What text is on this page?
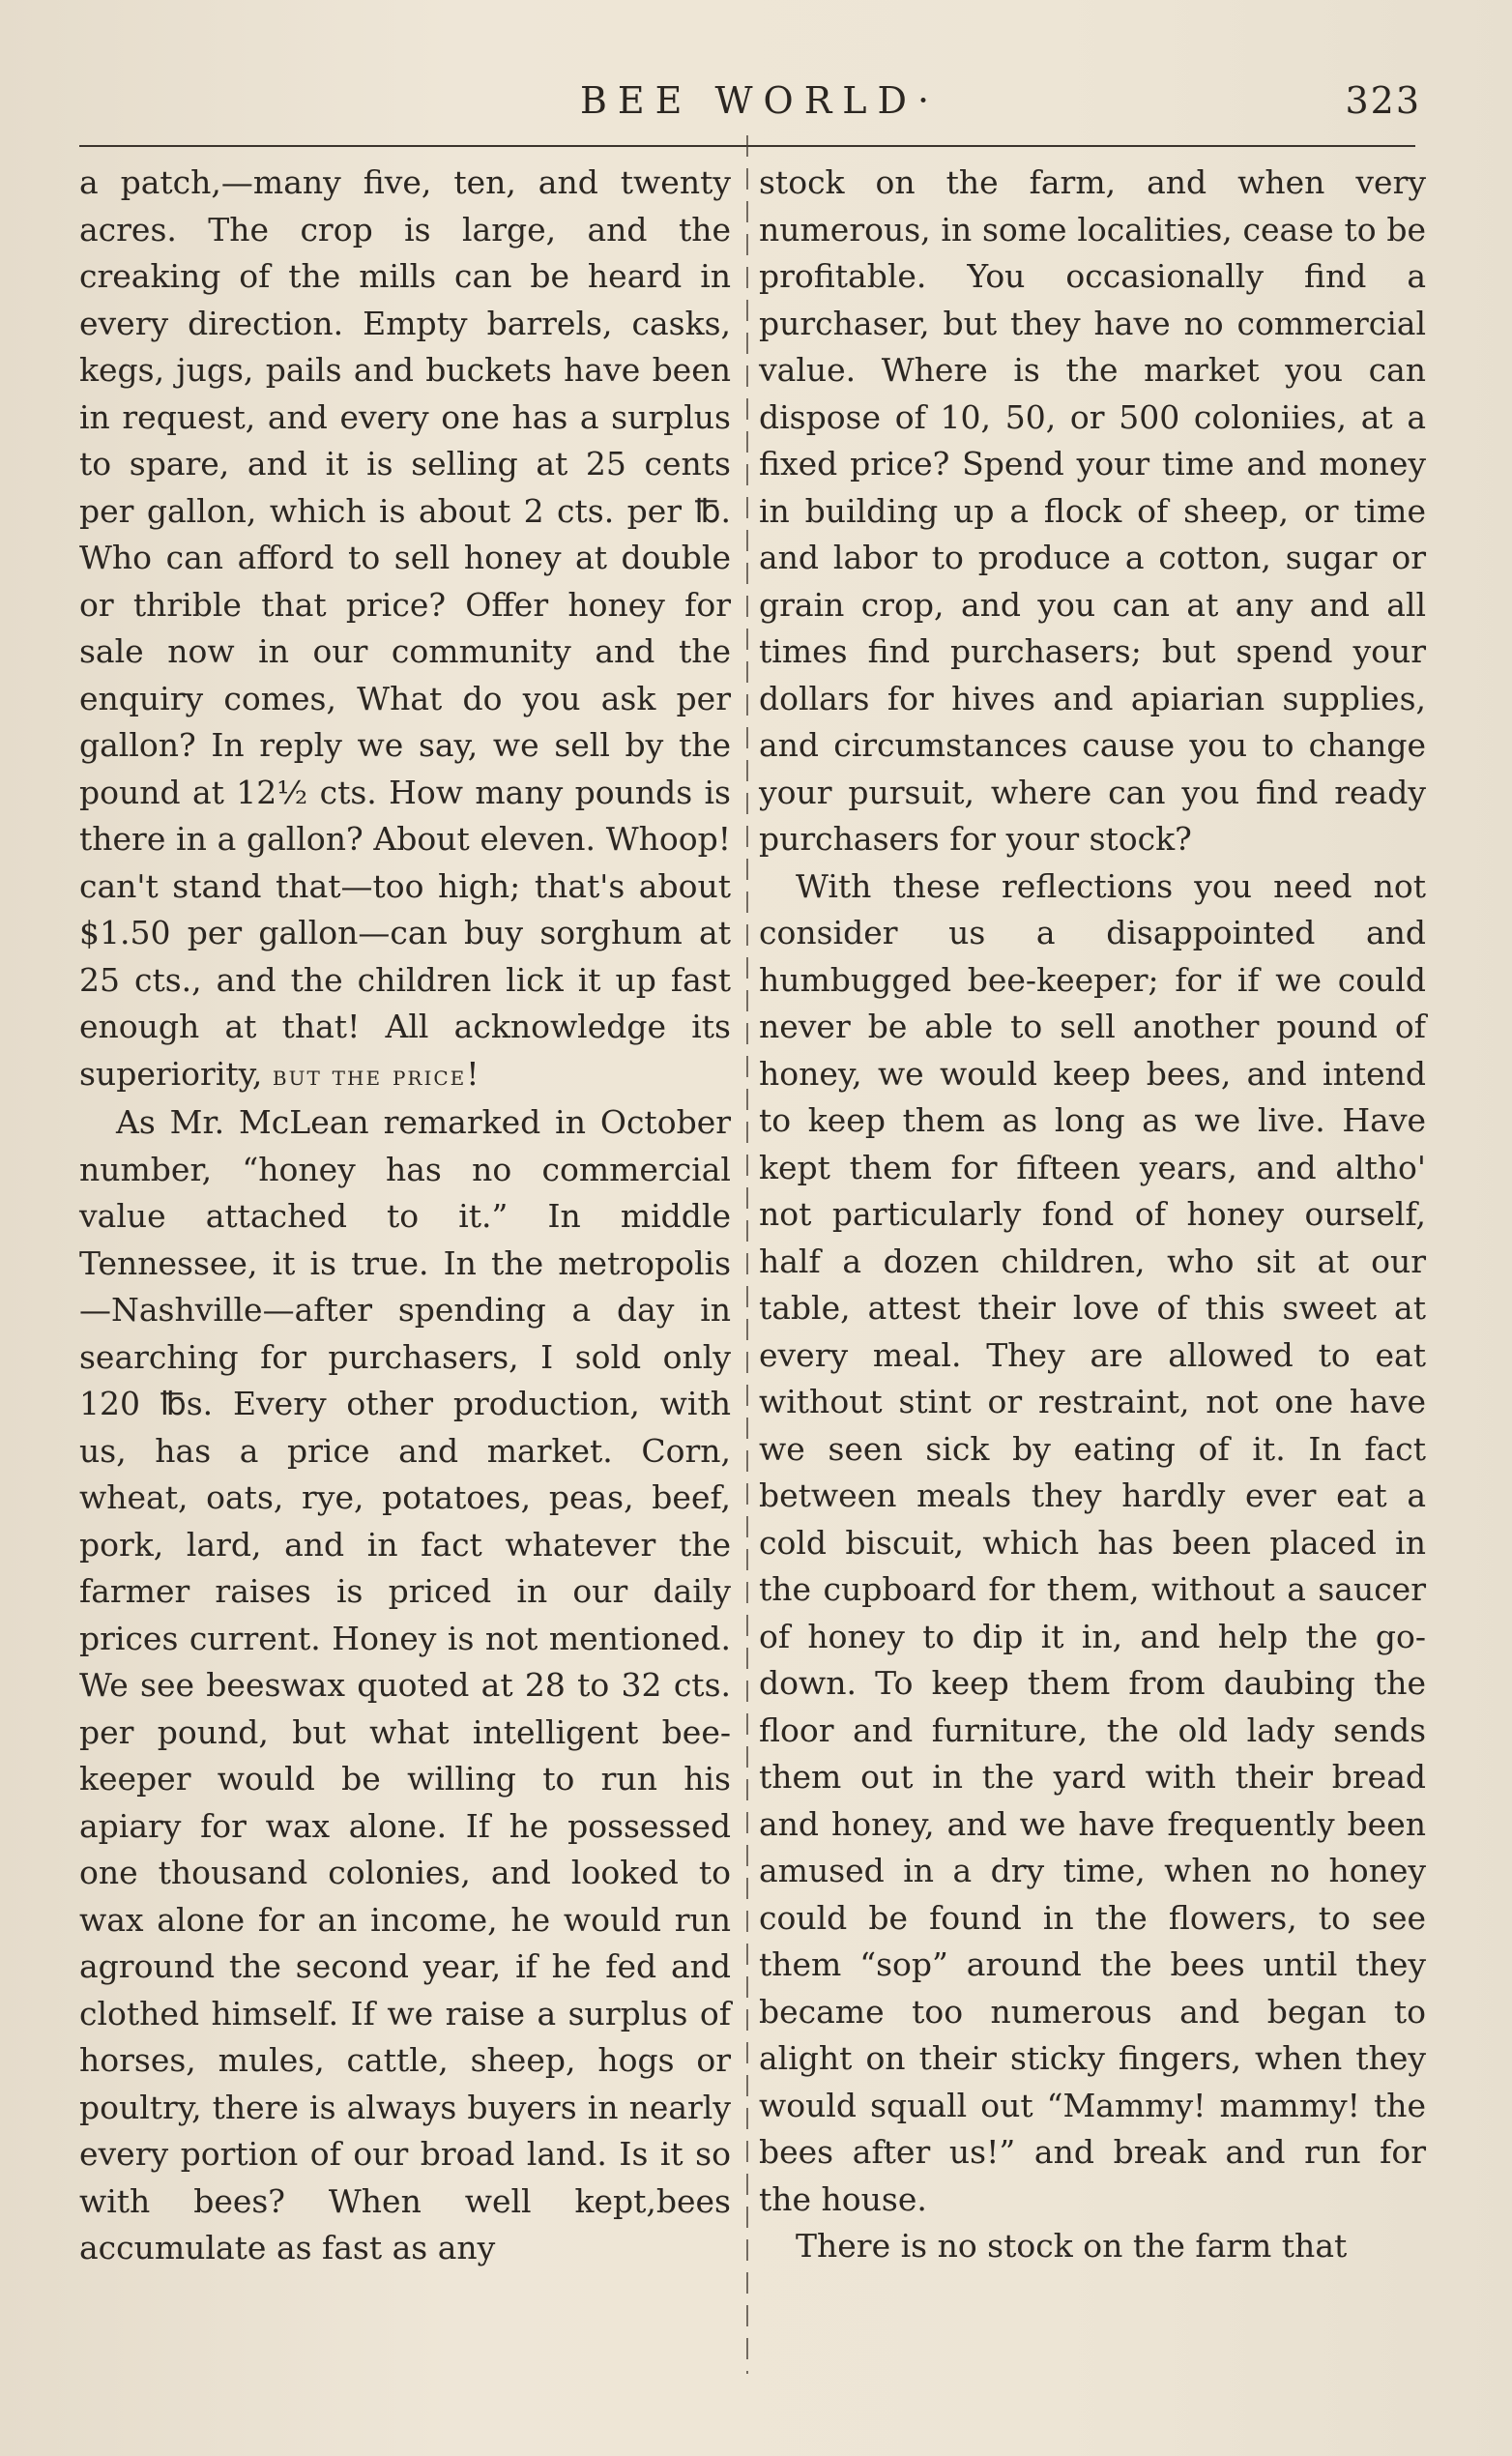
BEE WORLD·	323

a patch,—many five, ten, and twenty acres. The crop is large, and the creaking of the mills can be heard in every direction. Empty barrels, casks, kegs, jugs, pails and buckets have been in request, and every one has a surplus to spare, and it is selling at 25 cents per gallon, which is about 2 cts. per ℔. Who can afford to sell honey at double or thrible that price? Offer honey for sale now in our community and the enquiry comes, What do you ask per gallon? In reply we say, we sell by the pound at 12½ cts. How many pounds is there in a gallon? About eleven. Whoop! can't stand that—too high; that's about $1.50 per gallon—can buy sorghum at 25 cts., and the children lick it up fast enough at that! All acknowledge its superiority, but the price!

As Mr. McLean remarked in October number, “honey has no commercial value attached to it.” In middle Tennessee, it is true. In the metropolis—Nashville—after spending a day in searching for purchasers, I sold only 120 ℔s. Every other production, with us, has a price and market. Corn, wheat, oats, rye, potatoes, peas, beef, pork, lard, and in fact whatever the farmer raises is priced in our daily prices current. Honey is not mentioned. We see beeswax quoted at 28 to 32 cts. per pound, but what intelligent bee-keeper would be willing to run his apiary for wax alone. If he possessed one thousand colonies, and looked to wax alone for an income, he would run aground the second year, if he fed and clothed himself. If we raise a surplus of horses, mules, cattle, sheep, hogs or poultry, there is always buyers in nearly every portion of our broad land. Is it so with bees? When well kept,bees accumulate as fast as any

stock on the farm, and when very numerous, in some localities, cease to be profitable. You occasionally find a purchaser, but they have no commercial value. Where is the market you can dispose of 10, 50, or 500 coloniies, at a fixed price? Spend your time and money in building up a flock of sheep, or time and labor to produce a cotton, sugar or grain crop, and you can at any and all times find purchasers; but spend your dollars for hives and apiarian supplies, and circumstances cause you to change your pursuit, where can you find ready purchasers for your stock?

With these reflections you need not consider us a disappointed and humbugged bee-keeper; for if we could never be able to sell another pound of honey, we would keep bees, and intend to keep them as long as we live. Have kept them for fifteen years, and altho' not particularly fond of honey ourself, half a dozen children, who sit at our table, attest their love of this sweet at every meal. They are allowed to eat without stint or restraint, not one have we seen sick by eating of it. In fact between meals they hardly ever eat a cold biscuit, which has been placed in the cupboard for them, without a saucer of honey to dip it in, and help the go-down. To keep them from daubing the floor and furniture, the old lady sends them out in the yard with their bread and honey, and we have frequently been amused in a dry time, when no honey could be found in the flowers, to see them “sop” around the bees until they became too numerous and began to alight on their sticky fingers, when they would squall out “Mammy! mammy! the bees after us!” and break and run for the house.

There is no stock on the farm that
